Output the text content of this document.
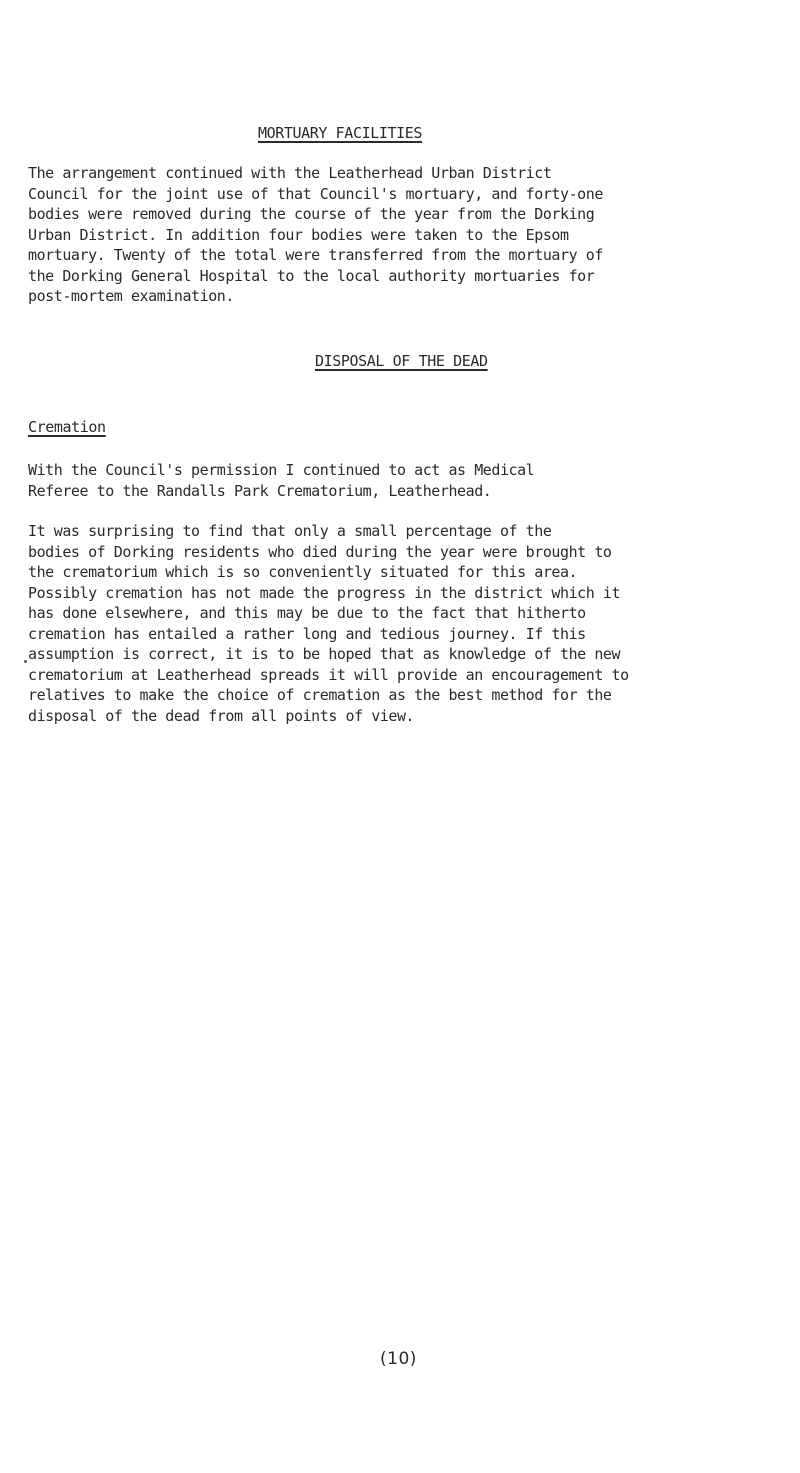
MORTUARY FACILITIES
The arrangement continued with the Leatherhead Urban District
Council for the joint use of that Council's mortuary, and forty-one
bodies were removed during the course of the year from the Dorking
Urban District. In addition four bodies were taken to the Epsom
mortuary. Twenty of the total were transferred from the mortuary of
the Dorking General Hospital to the local authority mortuaries for
post-mortem examination.
DISPOSAL OF THE DEAD
Cremation
With the Council's permission I continued to act as Medical
Referee to the Randalls Park Crematorium, Leatherhead.
It was surprising to find that only a small percentage of the
bodies of Dorking residents who died during the year were brought to
the crematorium which is so conveniently situated for this area.
Possibly cremation has not made the progress in the district which it
has done elsewhere, and this may be due to the fact that hitherto
cremation has entailed a rather long and tedious journey. If this
assumption is correct, it is to be hoped that as knowledge of the new
crematorium at Leatherhead spreads it will provide an encouragement to
relatives to make the choice of cremation as the best method for the
disposal of the dead from all points of view.
(10)
